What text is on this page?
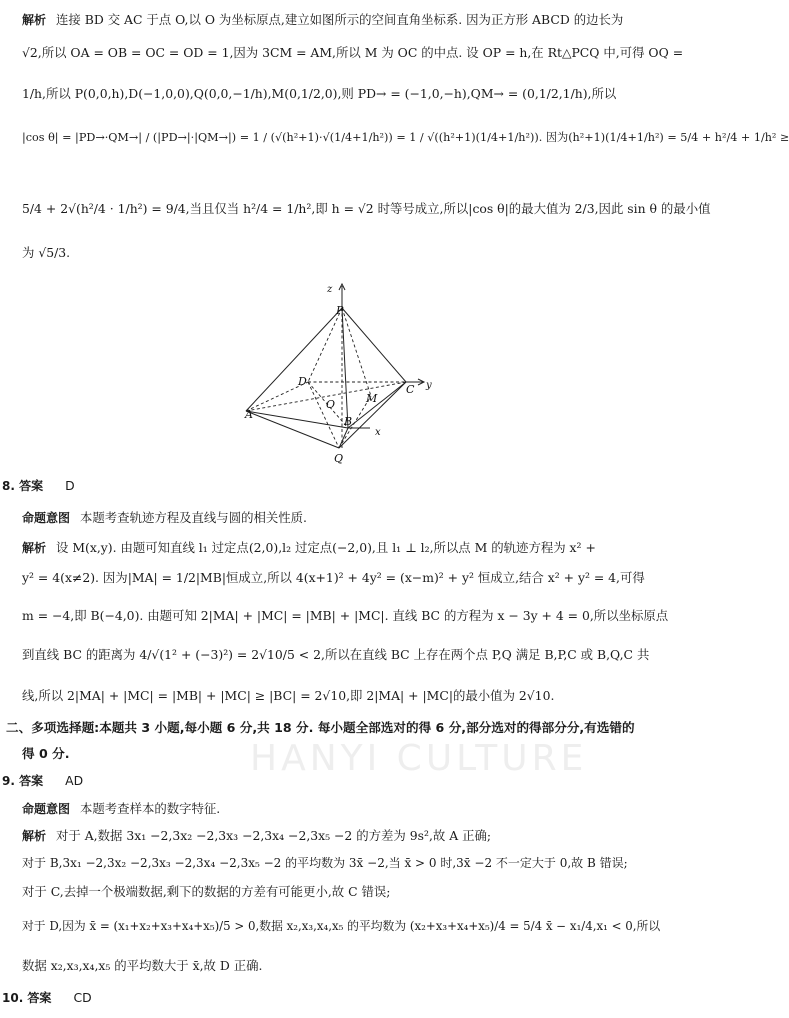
解析 连接 BD 交 AC 于点 O,以 O 为坐标原点,建立如图所示的空间直角坐标系. 因为正方形 ABCD 的边长为
√2,所以 OA = OB = OC = OD = 1,因为 3CM = AM,所以 M 为 OC 的中点. 设 OP = h,在 Rt△PCQ 中,可得 OQ =
1/h,所以 P(0,0,h),D(−1,0,0),Q(0,0,−1/h),M(0,1/2,0),则 PD→ = (−1,0,−h),QM→ = (0,1/2,1/h),所以
|cos θ| = |PD→·QM→| / (|PD→|·|QM→|) = 1 / (√(h²+1)·√(1/4+1/h²)) = 1 / √((h²+1)(1/4+1/h²)). 因为(h²+1)(1/4+1/h²) = 5/4 + h²/4 + 1/h² ≥
5/4 + 2√(h²/4 · 1/h²) = 9/4,当且仅当 h²/4 = 1/h²,即 h = √2 时等号成立,所以|cos θ|的最大值为 2/3,因此 sin θ 的最小值
为 √5/3.
P
z
D
O	M
C y
A
B
x
Q
8. 答案 D
命题意图 本题考查轨迹方程及直线与圆的相关性质.
解析 设 M(x,y). 由题可知直线 l₁ 过定点(2,0),l₂ 过定点(−2,0),且 l₁ ⊥ l₂,所以点 M 的轨迹方程为 x² +
y² = 4(x≠2). 因为|MA| = 1/2|MB|恒成立,所以 4(x+1)² + 4y² = (x−m)² + y² 恒成立,结合 x² + y² = 4,可得
m = −4,即 B(−4,0). 由题可知 2|MA| + |MC| = |MB| + |MC|. 直线 BC 的方程为 x − 3y + 4 = 0,所以坐标原点
到直线 BC 的距离为 4/√(1² + (−3)²) = 2√10/5 < 2,所以在直线 BC 上存在两个点 P,Q 满足 B,P,C 或 B,Q,C 共
线,所以 2|MA| + |MC| = |MB| + |MC| ≥ |BC| = 2√10,即 2|MA| + |MC|的最小值为 2√10.
二、多项选择题:本题共 3 小题,每小题 6 分,共 18 分. 每小题全部选对的得 6 分,部分选对的得部分分,有选错的
得 0 分.	HANYI CULTURE
9. 答案 AD
命题意图 本题考查样本的数字特征.
解析 对于 A,数据 3x₁ −2,3x₂ −2,3x₃ −2,3x₄ −2,3x₅ −2 的方差为 9s²,故 A 正确;
对于 B,3x₁ −2,3x₂ −2,3x₃ −2,3x₄ −2,3x₅ −2 的平均数为 3x̄ −2,当 x̄ > 0 时,3x̄ −2 不一定大于 0,故 B 错误;
对于 C,去掉一个极端数据,剩下的数据的方差有可能更小,故 C 错误;
对于 D,因为 x̄ = (x₁+x₂+x₃+x₄+x₅)/5 > 0,数据 x₂,x₃,x₄,x₅ 的平均数为 (x₂+x₃+x₄+x₅)/4 = 5/4 x̄ − x₁/4,x₁ < 0,所以
数据 x₂,x₃,x₄,x₅ 的平均数大于 x̄,故 D 正确.
10. 答案 CD
